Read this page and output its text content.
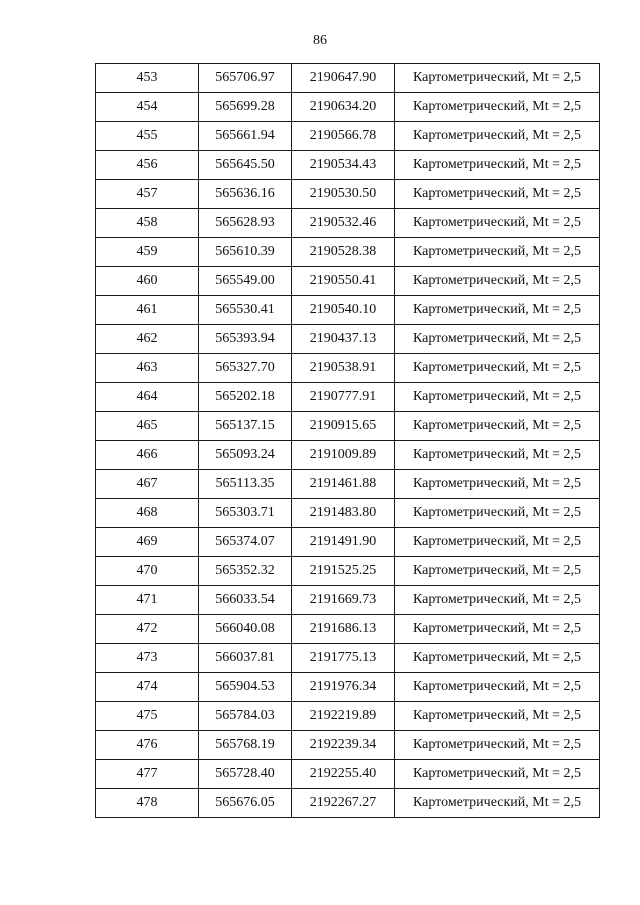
86
453	565706.97	2190647.90	Картометрический, Mt = 2,5
454	565699.28	2190634.20	Картометрический, Mt = 2,5
455	565661.94	2190566.78	Картометрический, Mt = 2,5
456	565645.50	2190534.43	Картометрический, Mt = 2,5
457	565636.16	2190530.50	Картометрический, Mt = 2,5
458	565628.93	2190532.46	Картометрический, Mt = 2,5
459	565610.39	2190528.38	Картометрический, Mt = 2,5
460	565549.00	2190550.41	Картометрический, Mt = 2,5
461	565530.41	2190540.10	Картометрический, Mt = 2,5
462	565393.94	2190437.13	Картометрический, Mt = 2,5
463	565327.70	2190538.91	Картометрический, Mt = 2,5
464	565202.18	2190777.91	Картометрический, Mt = 2,5
465	565137.15	2190915.65	Картометрический, Mt = 2,5
466	565093.24	2191009.89	Картометрический, Mt = 2,5
467	565113.35	2191461.88	Картометрический, Mt = 2,5
468	565303.71	2191483.80	Картометрический, Mt = 2,5
469	565374.07	2191491.90	Картометрический, Mt = 2,5
470	565352.32	2191525.25	Картометрический, Mt = 2,5
471	566033.54	2191669.73	Картометрический, Mt = 2,5
472	566040.08	2191686.13	Картометрический, Mt = 2,5
473	566037.81	2191775.13	Картометрический, Mt = 2,5
474	565904.53	2191976.34	Картометрический, Mt = 2,5
475	565784.03	2192219.89	Картометрический, Mt = 2,5
476	565768.19	2192239.34	Картометрический, Mt = 2,5
477	565728.40	2192255.40	Картометрический, Mt = 2,5
478	565676.05	2192267.27	Картометрический, Mt = 2,5
